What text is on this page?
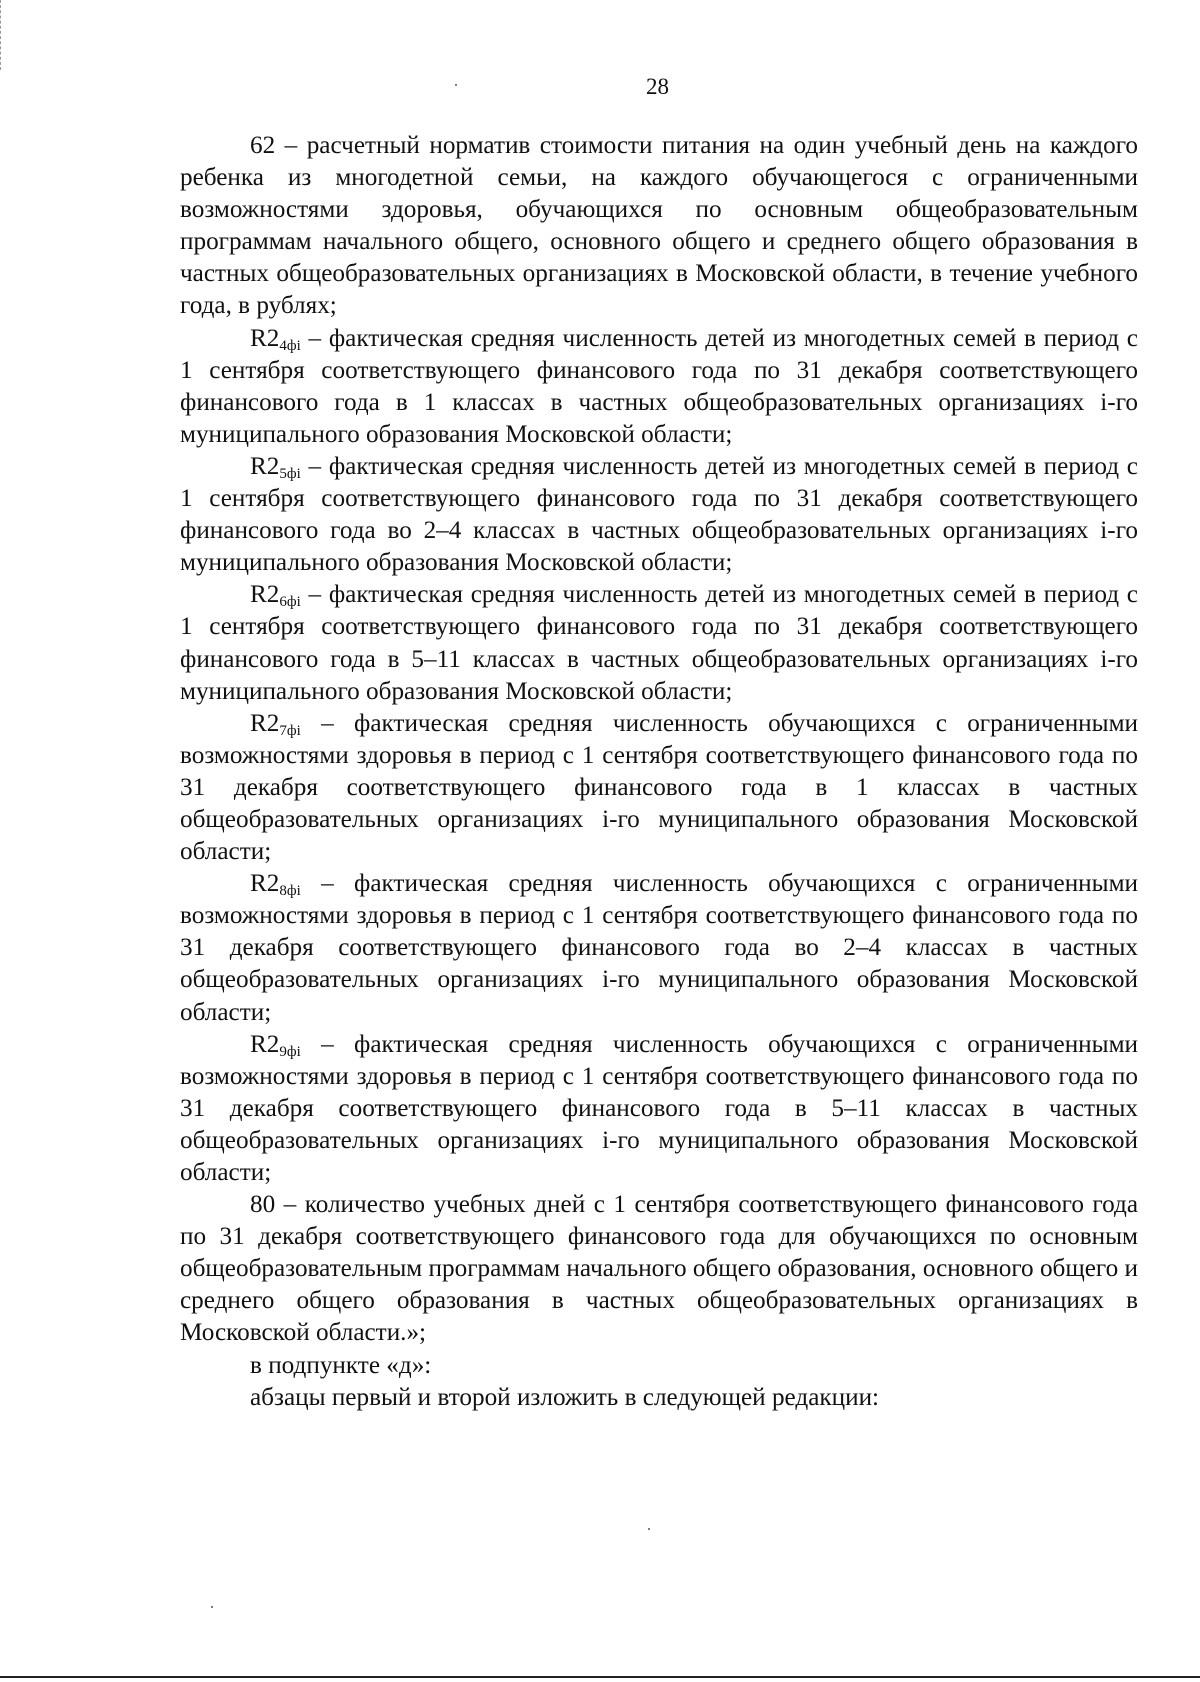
28

62 – расчетный норматив стоимости питания на один учебный день на каждого ребенка из многодетной семьи, на каждого обучающегося с ограниченными возможностями здоровья, обучающихся по основным общеобразовательным программам начального общего, основного общего и среднего общего образования в частных общеобразовательных организациях в Московской области, в течение учебного года, в рублях;

$R2_{4фi}$ – фактическая средняя численность детей из многодетных семей в период с 1 сентября соответствующего финансового года по 31 декабря соответствующего финансового года в 1 классах в частных общеобразовательных организациях i-го муниципального образования Московской области;

$R2_{5фi}$ – фактическая средняя численность детей из многодетных семей в период с 1 сентября соответствующего финансового года по 31 декабря соответствующего финансового года во 2–4 классах в частных общеобразовательных организациях i-го муниципального образования Московской области;

$R2_{6фi}$ – фактическая средняя численность детей из многодетных семей в период с 1 сентября соответствующего финансового года по 31 декабря соответствующего финансового года в 5–11 классах в частных общеобразовательных организациях i-го муниципального образования Московской области;

$R2_{7фi}$ – фактическая средняя численность обучающихся с ограниченными возможностями здоровья в период с 1 сентября соответствующего финансового года по 31 декабря соответствующего финансового года в 1 классах в частных общеобразовательных организациях i-го муниципального образования Московской области;

$R2_{8фi}$ – фактическая средняя численность обучающихся с ограниченными возможностями здоровья в период с 1 сентября соответствующего финансового года по 31 декабря соответствующего финансового года во 2–4 классах в частных общеобразовательных организациях i-го муниципального образования Московской области;

$R2_{9фi}$ – фактическая средняя численность обучающихся с ограниченными возможностями здоровья в период с 1 сентября соответствующего финансового года по 31 декабря соответствующего финансового года в 5–11 классах в частных общеобразовательных организациях i-го муниципального образования Московской области;

80 – количество учебных дней с 1 сентября соответствующего финансового года по 31 декабря соответствующего финансового года для обучающихся по основным общеобразовательным программам начального общего образования, основного общего и среднего общего образования в частных общеобразовательных организациях в Московской области.»;

в подпункте «д»:

абзацы первый и второй изложить в следующей редакции:
